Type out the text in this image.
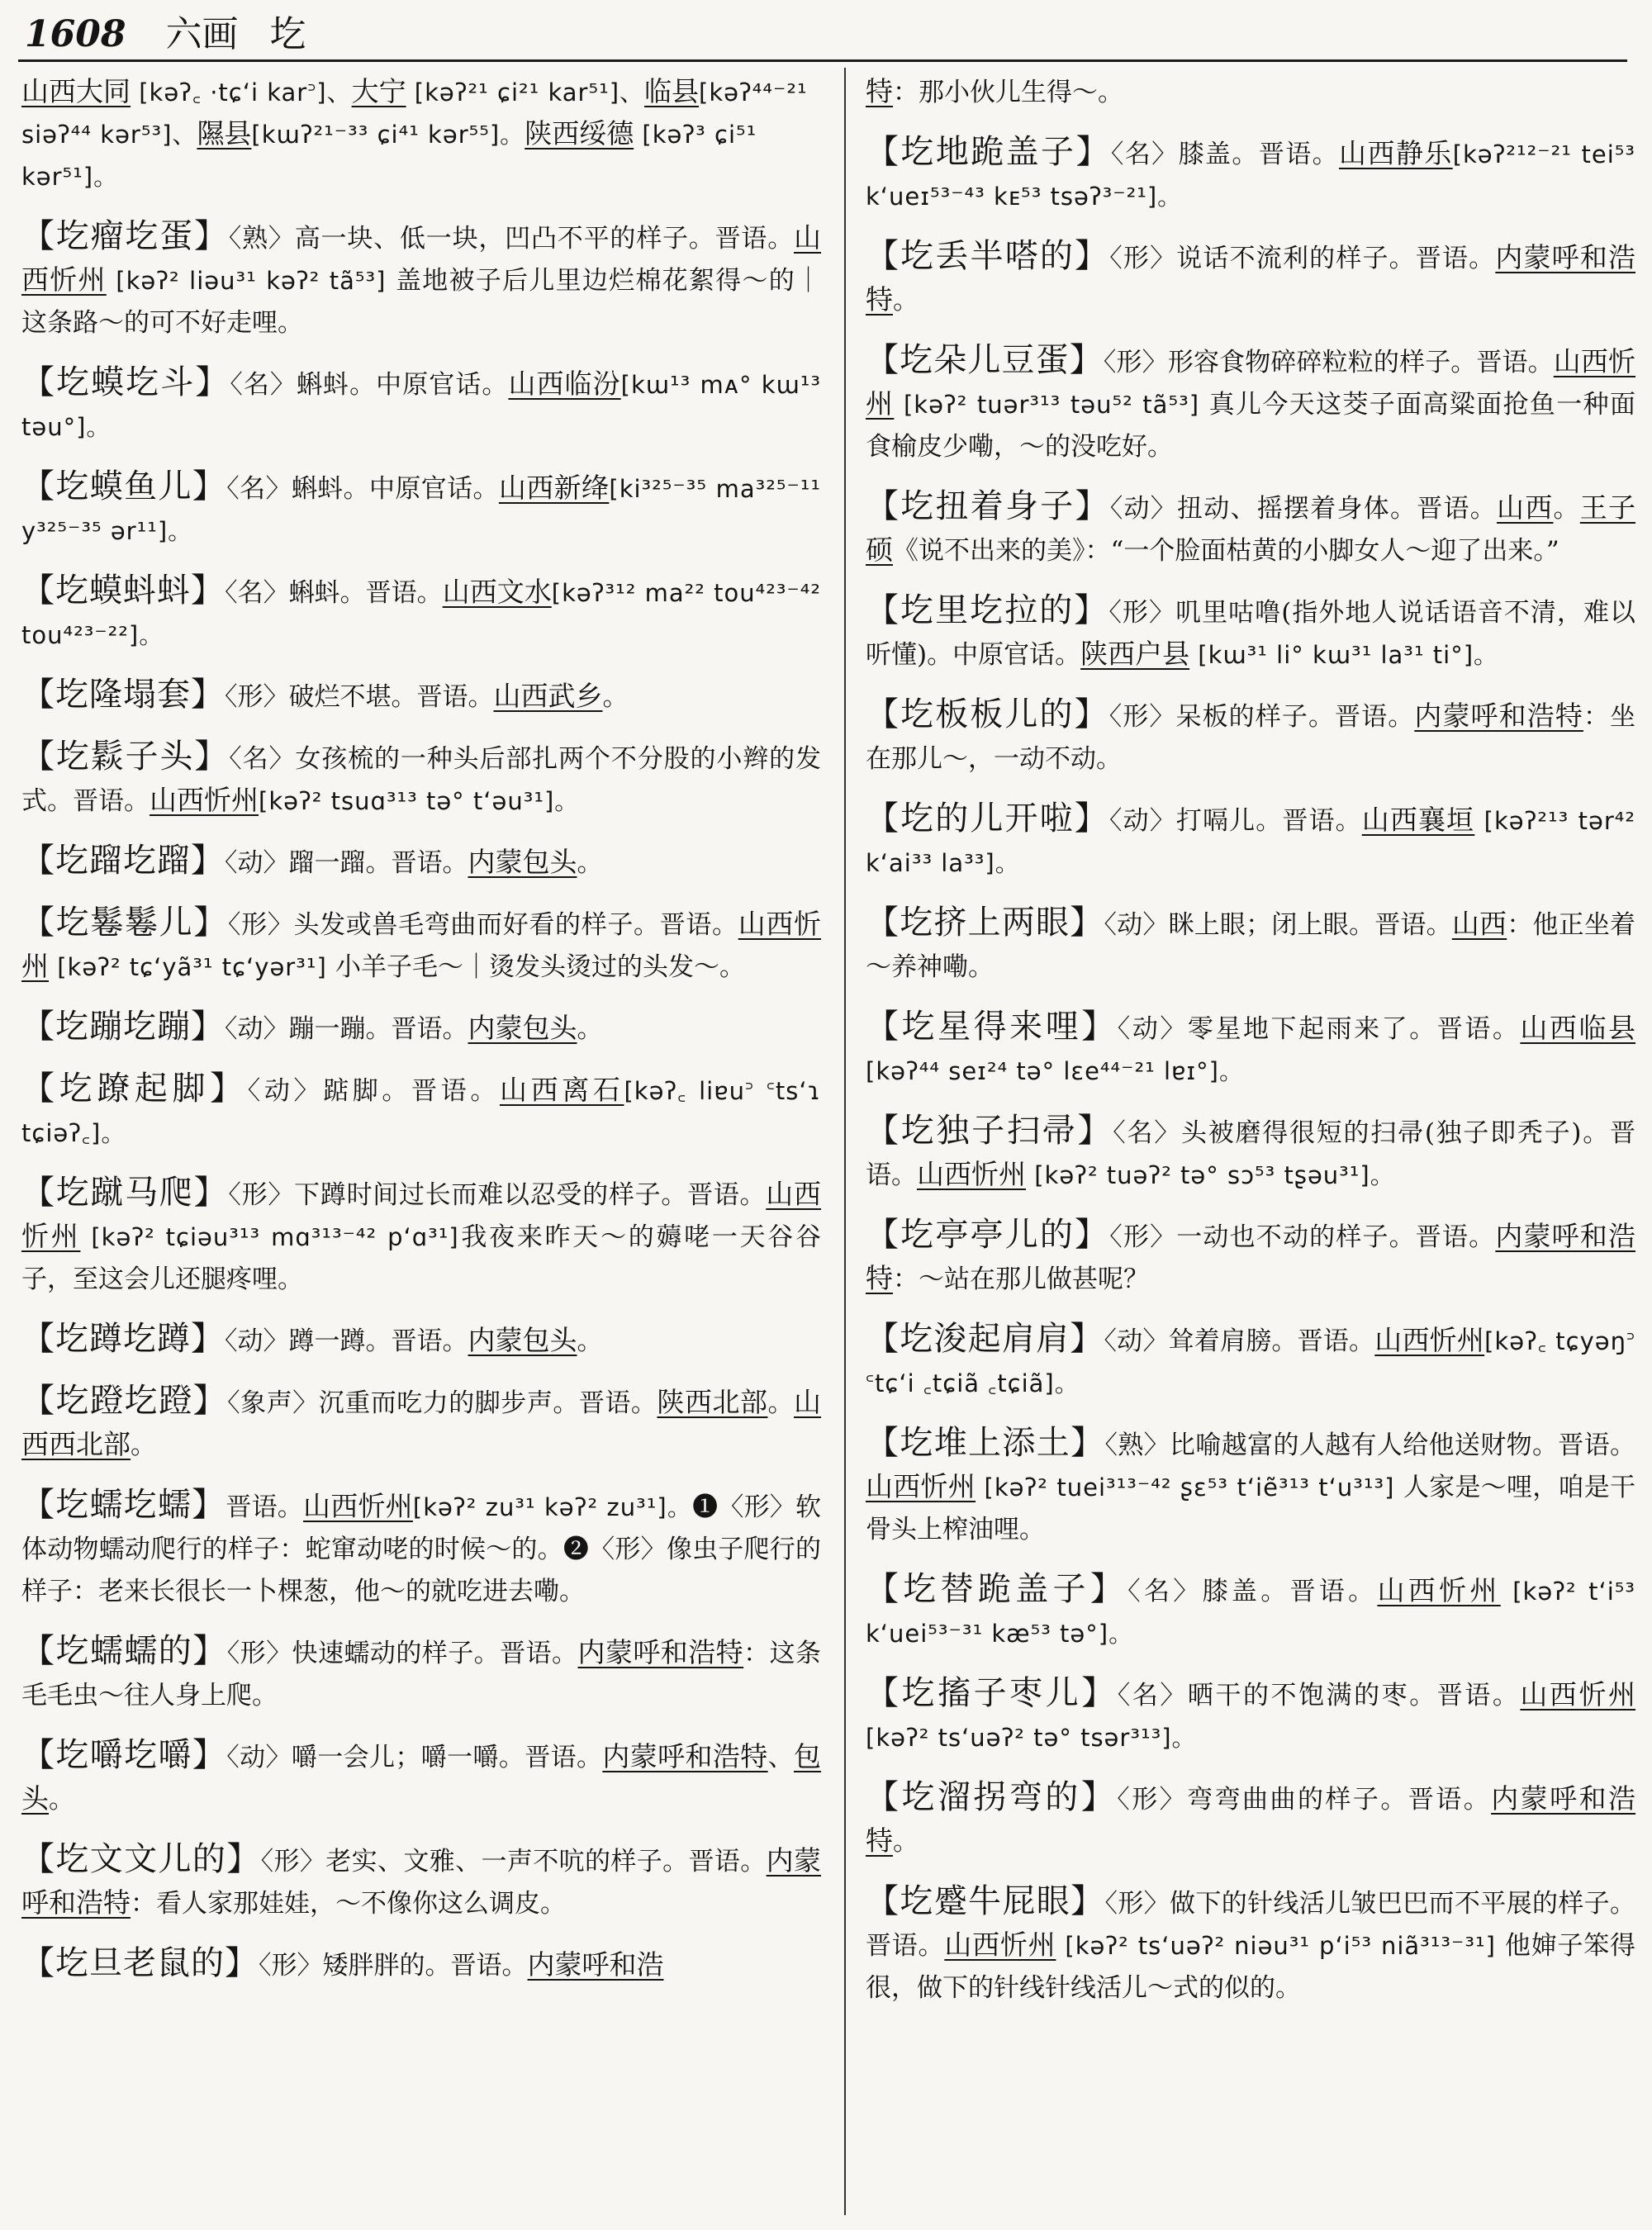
1608 六画 圪

山西大同 [kəʔ꜀ ·tɕʻi kar꜄]、大宁 [kəʔ²¹ ɕi²¹ kar⁵¹]、临县[kəʔ⁴⁴⁻²¹ siəʔ⁴⁴ kər⁵³]、隰县[kɯʔ²¹⁻³³ ɕi⁴¹ kər⁵⁵]。陕西绥德 [kəʔ³ ɕi⁵¹ kər⁵¹]。

【圪瘤圪蛋】〈熟〉高一块、低一块，凹凸不平的样子。晋语。山西忻州 [kəʔ² liəu³¹ kəʔ² tã⁵³] 盖地被子后儿里边烂棉花絮得～的｜这条路～的可不好走哩。

【圪蟆圪斗】〈名〉蝌蚪。中原官话。山西临汾[kɯ¹³ mᴀ° kɯ¹³ təu°]。

【圪蟆鱼儿】〈名〉蝌蚪。中原官话。山西新绛[ki³²⁵⁻³⁵ ma³²⁵⁻¹¹ y³²⁵⁻³⁵ ər¹¹]。

【圪蟆蚪蚪】〈名〉蝌蚪。晋语。山西文水[kəʔ³¹² ma²² tou⁴²³⁻⁴² tou⁴²³⁻²²]。

【圪隆塌套】〈形〉破烂不堪。晋语。山西武乡。

【圪鬏子头】〈名〉女孩梳的一种头后部扎两个不分股的小辫的发式。晋语。山西忻州[kəʔ² tsuɑ³¹³ tə° tʻəu³¹]。

【圪蹓圪蹓】〈动〉蹓一蹓。晋语。内蒙包头。

【圪鬈鬈儿】〈形〉头发或兽毛弯曲而好看的样子。晋语。山西忻州 [kəʔ² tɕʻyã³¹ tɕʻyər³¹] 小羊子毛～｜烫发头烫过的头发～。

【圪蹦圪蹦】〈动〉蹦一蹦。晋语。内蒙包头。

【圪蹽起脚】〈动〉踮脚。晋语。山西离石[kəʔ꜀ liɐu꜄ ꜂tsʻɿ tɕiəʔ꜀]。

【圪蹴马爬】〈形〉下蹲时间过长而难以忍受的样子。晋语。山西忻州 [kəʔ² tɕiəu³¹³ mɑ³¹³⁻⁴² pʻɑ³¹]我夜来昨天～的薅咾一天谷谷子，至这会儿还腿疼哩。

【圪蹲圪蹲】〈动〉蹲一蹲。晋语。内蒙包头。

【圪蹬圪蹬】〈象声〉沉重而吃力的脚步声。晋语。陕西北部。山西西北部。

【圪蠕圪蠕】晋语。山西忻州[kəʔ² zu³¹ kəʔ² zu³¹]。❶〈形〉软体动物蠕动爬行的样子：蛇窜动咾的时候～的。❷〈形〉像虫子爬行的样子：老来长很长一卜棵葱，他～的就吃进去嘞。

【圪蠕蠕的】〈形〉快速蠕动的样子。晋语。内蒙呼和浩特：这条毛毛虫～往人身上爬。

【圪嚼圪嚼】〈动〉嚼一会儿；嚼一嚼。晋语。内蒙呼和浩特、包头。

【圪文文儿的】〈形〉老实、文雅、一声不吭的样子。晋语。内蒙呼和浩特：看人家那娃娃，～不像你这么调皮。

【圪旦老鼠的】〈形〉矮胖胖的。晋语。内蒙呼和浩

特：那小伙儿生得～。

【圪地跪盖子】〈名〉膝盖。晋语。山西静乐[kəʔ²¹²⁻²¹ tei⁵³ kʻueɪ⁵³⁻⁴³ kᴇ⁵³ tsəʔ³⁻²¹]。

【圪丢半嗒的】〈形〉说话不流利的样子。晋语。内蒙呼和浩特。

【圪朵儿豆蛋】〈形〉形容食物碎碎粒粒的样子。晋语。山西忻州 [kəʔ² tuər³¹³ təu⁵² tã⁵³] 真儿今天这茭子面高粱面抢鱼一种面食榆皮少嘞，～的没吃好。

【圪扭着身子】〈动〉扭动、摇摆着身体。晋语。山西。王子硕《说不出来的美》：“一个脸面枯黄的小脚女人～迎了出来。”

【圪里圪拉的】〈形〉叽里咕噜(指外地人说话语音不清，难以听懂)。中原官话。陕西户县 [kɯ³¹ li° kɯ³¹ la³¹ ti°]。

【圪板板儿的】〈形〉呆板的样子。晋语。内蒙呼和浩特：坐在那儿～，一动不动。

【圪的儿开啦】〈动〉打嗝儿。晋语。山西襄垣 [kəʔ²¹³ tər⁴² kʻai³³ la³³]。

【圪挤上两眼】〈动〉眯上眼；闭上眼。晋语。山西：他正坐着～养神嘞。

【圪星得来哩】〈动〉零星地下起雨来了。晋语。山西临县 [kəʔ⁴⁴ seɪ²⁴ tə° lɛe⁴⁴⁻²¹ lɐɪ°]。

【圪独子扫帚】〈名〉头被磨得很短的扫帚(独子即秃子)。晋语。山西忻州 [kəʔ² tuəʔ² tə° sɔ⁵³ tʂəu³¹]。

【圪亭亭儿的】〈形〉一动也不动的样子。晋语。内蒙呼和浩特：～站在那儿做甚呢？

【圪浚起肩肩】〈动〉耸着肩膀。晋语。山西忻州[kəʔ꜀ tɕyəŋ꜄ ꜂tɕʻi ꜀tɕiã ꜀tɕiã]。

【圪堆上添土】〈熟〉比喻越富的人越有人给他送财物。晋语。山西忻州 [kəʔ² tuei³¹³⁻⁴² ʂɛ⁵³ tʻiẽ³¹³ tʻu³¹³] 人家是～哩，咱是干骨头上榨油哩。

【圪替跪盖子】〈名〉膝盖。晋语。山西忻州 [kəʔ² tʻi⁵³ kʻuei⁵³⁻³¹ kæ⁵³ tə°]。

【圪搐子枣儿】〈名〉晒干的不饱满的枣。晋语。山西忻州 [kəʔ² tsʻuəʔ² tə° tsər³¹³]。

【圪溜拐弯的】〈形〉弯弯曲曲的样子。晋语。内蒙呼和浩特。

【圪蹙牛屁眼】〈形〉做下的针线活儿皱巴巴而不平展的样子。晋语。山西忻州 [kəʔ² tsʻuəʔ² niəu³¹ pʻi⁵³ niã³¹³⁻³¹] 他婶子笨得很，做下的针线针线活儿～式的似的。
